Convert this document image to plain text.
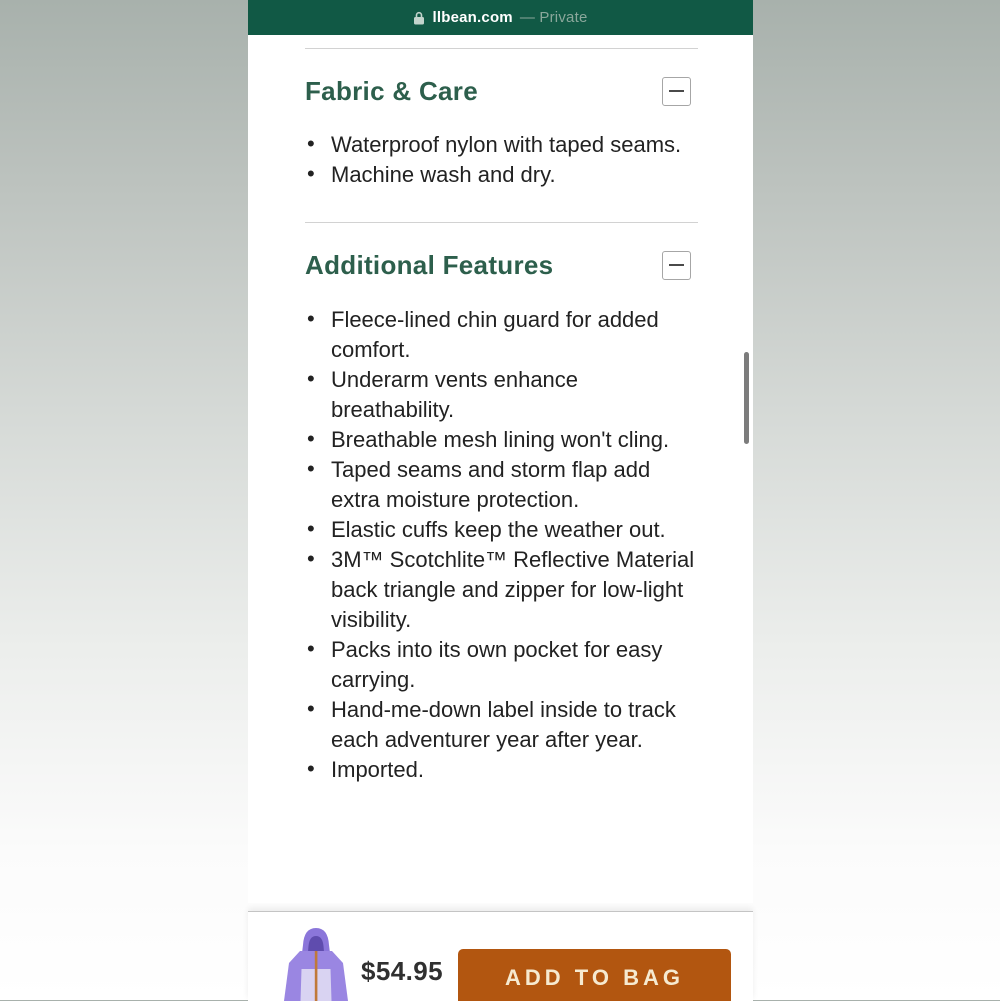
llbean.com — Private
Fabric & Care
• Waterproof nylon with taped seams.
• Machine wash and dry.
Additional Features
• Fleece-lined chin guard for added comfort.
• Underarm vents enhance breathability.
• Breathable mesh lining won't cling.
• Taped seams and storm flap add extra moisture protection.
• Elastic cuffs keep the weather out.
• 3M™ Scotchlite™ Reflective Material back triangle and zipper for low-light visibility.
• Packs into its own pocket for easy carrying.
• Hand-me-down label inside to track each adventurer year after year.
• Imported.
$54.95	ADD TO BAG
